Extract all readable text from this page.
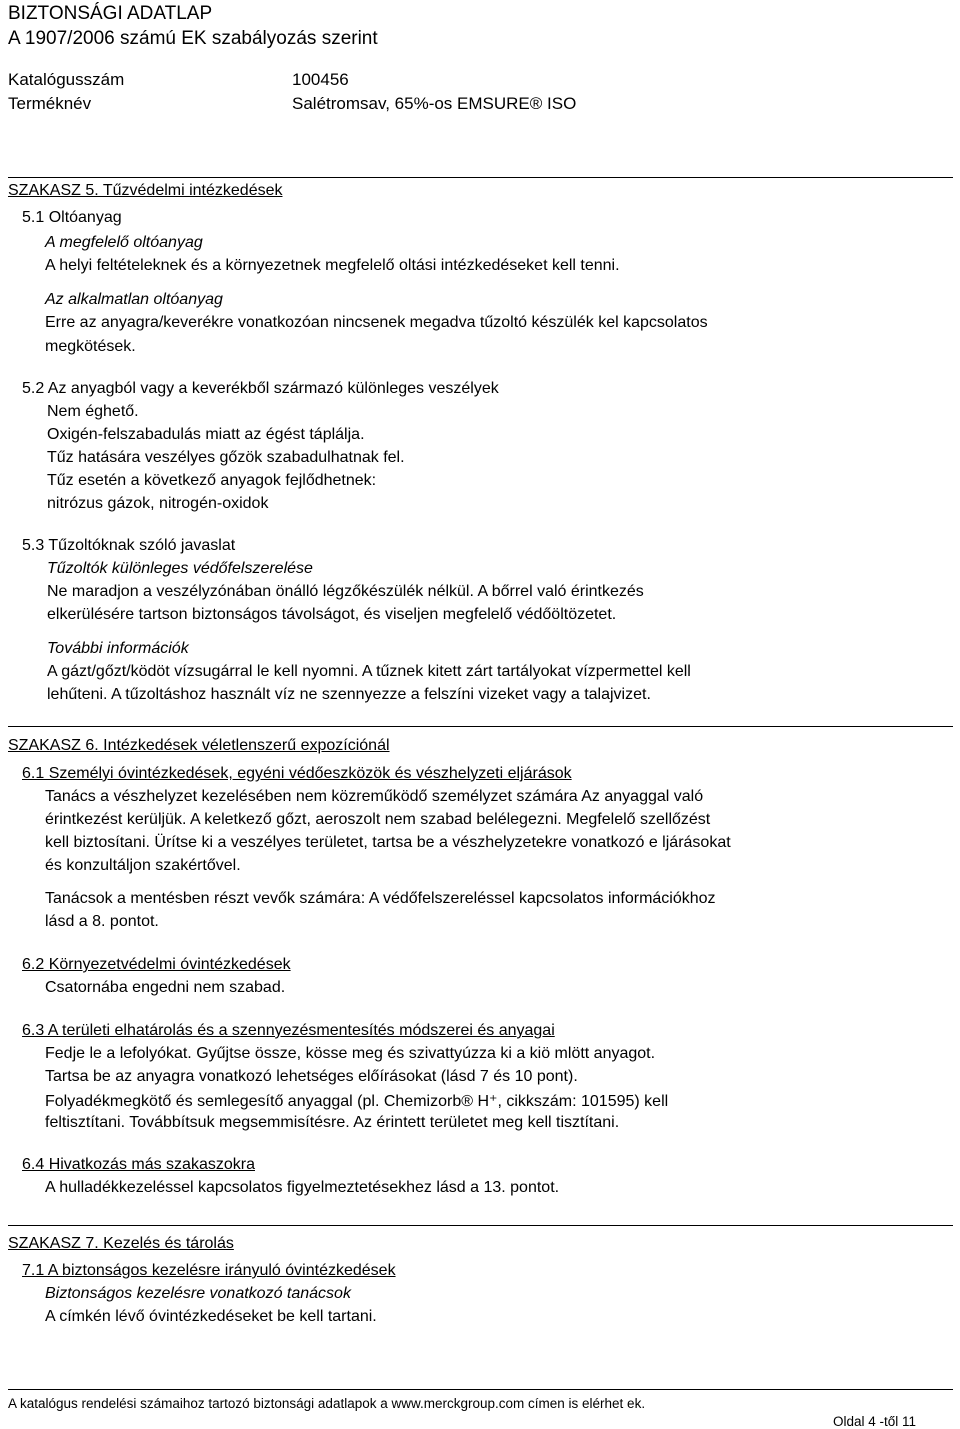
BIZTONSÁGI ADATLAP
A 1907/2006 számú EK szabályozás szerint
Katalógusszám	100456
Terméknév	Salétromsav, 65%-os EMSURE® ISO
SZAKASZ 5. Tűzvédelmi intézkedések
5.1 Oltóanyag
A megfelelő oltóanyag
A helyi feltételeknek és a környezetnek megfelelő oltási intézkedéseket kell tenni.
Az alkalmatlan oltóanyag
Erre az anyagra/keverékre vonatkozóan nincsenek megadva tűzoltó készülék kel kapcsolatos
megkötések.
5.2 Az anyagból vagy a keverékből származó különleges veszélyek
Nem éghető.
Oxigén-felszabadulás miatt az égést táplálja.
Tűz hatására veszélyes gőzök szabadulhatnak fel.
Tűz esetén a következő anyagok fejlődhetnek:
nitrózus gázok, nitrogén-oxidok
5.3 Tűzoltóknak szóló javaslat
Tűzoltók különleges védőfelszerelése
Ne maradjon a veszélyzónában önálló légzőkészülék nélkül. A bőrrel való érintkezés
elkerülésére tartson biztonságos távolságot, és viseljen megfelelő védőöltözetet.
További információk
A gázt/gőzt/ködöt vízsugárral le kell nyomni. A tűznek kitett zárt tartályokat vízpermettel kell
lehűteni. A tűzoltáshoz használt víz ne szennyezze a felszíni vizeket vagy a talajvizet.
SZAKASZ 6. Intézkedések véletlenszerű expozíciónál
6.1 Személyi óvintézkedések, egyéni védőeszközök és vészhelyzeti eljárások
Tanács a vészhelyzet kezelésében nem közreműködő személyzet számára Az anyaggal való
érintkezést kerüljük. A keletkező gőzt, aeroszolt nem szabad belélegezni. Megfelelő szellőzést
kell biztosítani. Ürítse ki a veszélyes területet, tartsa be a vészhelyzetekre vonatkozó e ljárásokat
és konzultáljon szakértővel.
Tanácsok a mentésben részt vevők számára: A védőfelszereléssel kapcsolatos információkhoz
lásd a 8. pontot.
6.2 Környezetvédelmi óvintézkedések
Csatornába engedni nem szabad.
6.3 A területi elhatárolás és a szennyezésmentesítés módszerei és anyagai
Fedje le a lefolyókat. Gyűjtse össze, kösse meg és szivattyúzza ki a kiö mlött anyagot.
Tartsa be az anyagra vonatkozó lehetséges előírásokat (lásd 7 és 10 pont).
Folyadékmegkötő és semlegesítő anyaggal (pl. Chemizorb® H⁺, cikkszám: 101595) kell
feltisztítani. Továbbítsuk megsemmisítésre. Az érintett területet meg kell tisztítani.
6.4 Hivatkozás más szakaszokra
A hulladékkezeléssel kapcsolatos figyelmeztetésekhez lásd a 13. pontot.
SZAKASZ 7. Kezelés és tárolás
7.1 A biztonságos kezelésre irányuló óvintézkedések
Biztonságos kezelésre vonatkozó tanácsok
A címkén lévő óvintézkedéseket be kell tartani.
A katalógus rendelési számaihoz tartozó biztonsági adatlapok a www.merckgroup.com címen is elérhet ek.
Oldal 4 -től 11
